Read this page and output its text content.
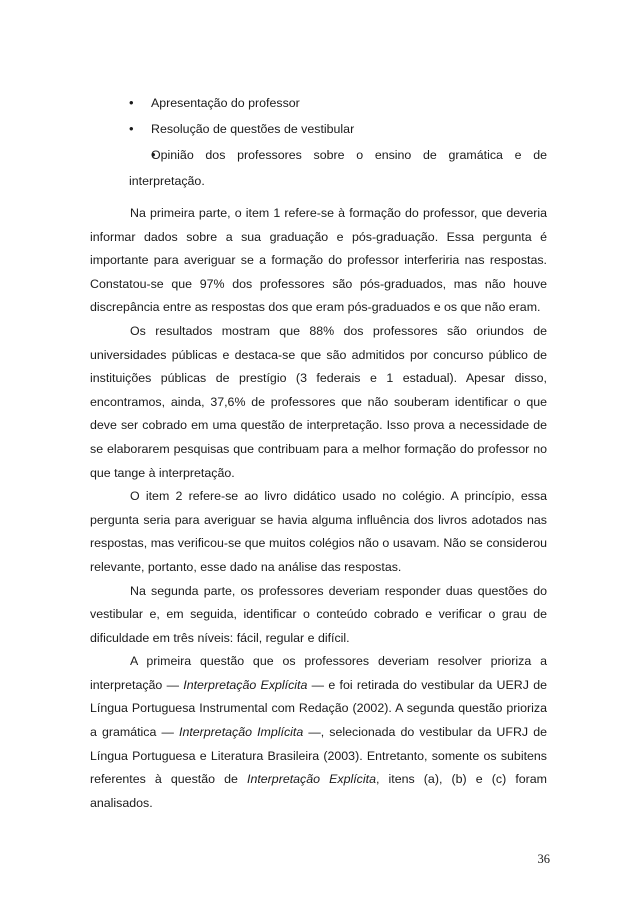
• Apresentação do professor
• Resolução de questões de vestibular
• Opinião dos professores sobre o ensino de gramática e de interpretação.

Na primeira parte, o item 1 refere-se à formação do professor, que deveria informar dados sobre a sua graduação e pós-graduação. Essa pergunta é importante para averiguar se a formação do professor interferiria nas respostas. Constatou-se que 97% dos professores são pós-graduados, mas não houve discrepância entre as respostas dos que eram pós-graduados e os que não eram.

Os resultados mostram que 88% dos professores são oriundos de universidades públicas e destaca-se que são admitidos por concurso público de instituições públicas de prestígio (3 federais e 1 estadual). Apesar disso, encontramos, ainda, 37,6% de professores que não souberam identificar o que deve ser cobrado em uma questão de interpretação. Isso prova a necessidade de se elaborarem pesquisas que contribuam para a melhor formação do professor no que tange à interpretação.

O item 2 refere-se ao livro didático usado no colégio. A princípio, essa pergunta seria para averiguar se havia alguma influência dos livros adotados nas respostas, mas verificou-se que muitos colégios não o usavam. Não se considerou relevante, portanto, esse dado na análise das respostas.

Na segunda parte, os professores deveriam responder duas questões do vestibular e, em seguida, identificar o conteúdo cobrado e verificar o grau de dificuldade em três níveis: fácil, regular e difícil.

A primeira questão que os professores deveriam resolver prioriza a interpretação — Interpretação Explícita — e foi retirada do vestibular da UERJ de Língua Portuguesa Instrumental com Redação (2002). A segunda questão prioriza a gramática — Interpretação Implícita —, selecionada do vestibular da UFRJ de Língua Portuguesa e Literatura Brasileira (2003). Entretanto, somente os subitens referentes à questão de Interpretação Explícita, itens (a), (b) e (c) foram analisados.

36
